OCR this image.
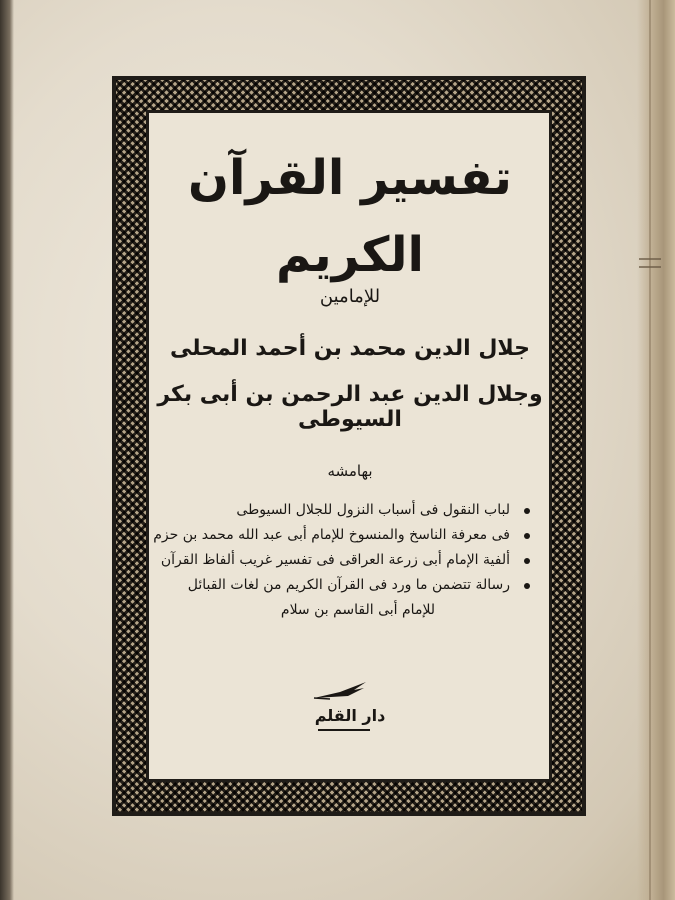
تفسير القرآن الكريم
للإمامين
جلال الدين محمد بن أحمد المحلى
وجلال الدين عبد الرحمن بن أبى بكر السيوطى
بهامشه
لباب النقول فى أسباب النزول للجلال السيوطى
فى معرفة الناسخ والمنسوخ للإمام أبى عبد الله محمد بن حزم
ألفية الإمام أبى زرعة العراقى فى تفسير غريب ألفاظ القرآن
رسالة تتضمن ما ورد فى القرآن الكريم من لغات القبائل
للإمام أبى القاسم بن سلام
دار القلم
